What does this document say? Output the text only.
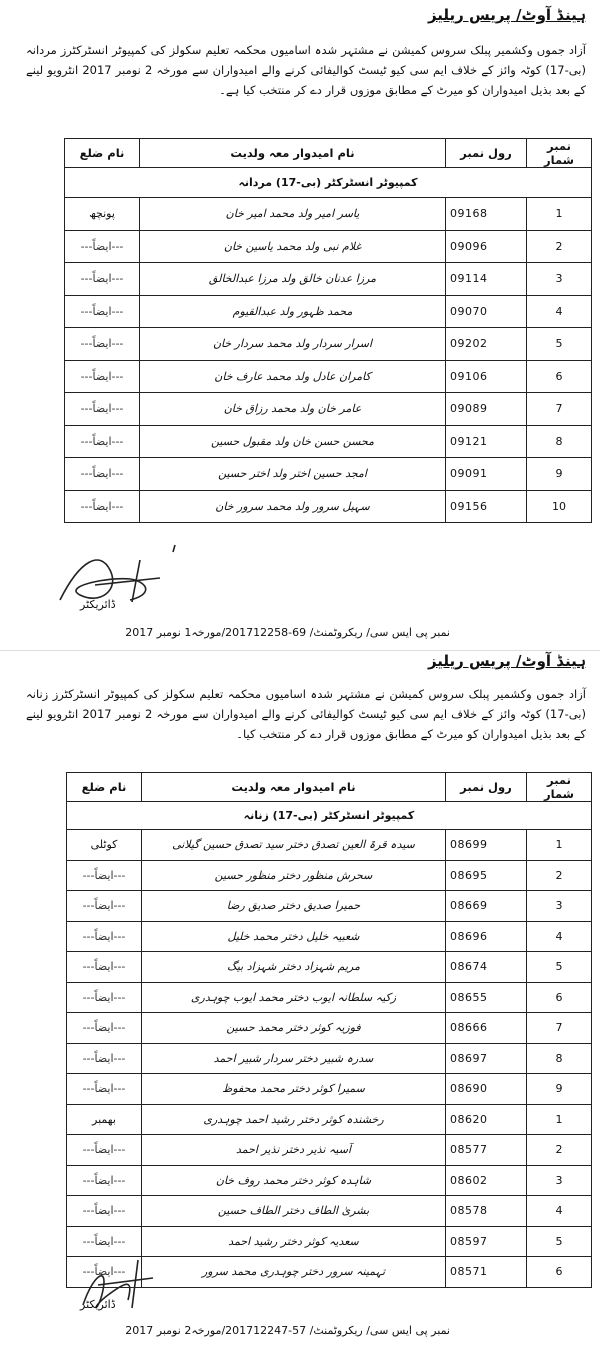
ہینڈ آوٹ/ پریس ریلیز
آزاد جموں وکشمیر پبلک سروس کمیشن نے مشتہر شدہ اسامیوں محکمہ تعلیم سکولز کی کمپیوٹر انسٹرکٹرز مردانہ (بی-17) کوٹہ وائز کے خلاف ایم سی کیو ٹیسٹ کوالیفائی کرنے والے امیدواران سے مورخہ 2 نومبر 2017 انٹرویو لینے کے بعد بذیل امیدواران کو میرٹ کے مطابق موزوں قرار دے کر منتخب کیا ہے۔
نام ضلع	نام امیدوار معہ ولدیت	رول نمبر	نمبر شمار
کمپیوٹر انسٹرکٹر (بی-17) مردانہ			
پونچھ	یاسر امیر ولد محمد امیر خان	09168	1
---ایضاً---	غلام نبی ولد محمد یاسین خان	09096	2
---ایضاً---	مرزا عدنان خالق ولد مرزا عبدالخالق	09114	3
---ایضاً---	محمد ظہور ولد عبدالقیوم	09070	4
---ایضاً---	اسرار سردار ولد محمد سردار خان	09202	5
---ایضاً---	کامران عادل ولد محمد عارف خان	09106	6
---ایضاً---	عامر خان ولد محمد رزاق خان	09089	7
---ایضاً---	محسن حسن خان ولد مقبول حسین	09121	8
---ایضاً---	امجد حسین اختر ولد اختر حسین	09091	9
---ایضاً---	سہیل سرور ولد محمد سرور خان	09156	10
ڈائریکٹر
1 نومبر 2017 مورخہ 2017/ نمبر پی ایس سی/ ریکروٹمنٹ/ 69-12258
ہینڈ آوٹ/ پریس ریلیز
آزاد جموں وکشمیر پبلک سروس کمیشن نے مشتہر شدہ اسامیوں محکمہ تعلیم سکولز کی کمپیوٹر انسٹرکٹرز زنانہ (بی-17) کوٹہ وائز کے خلاف ایم سی کیو ٹیسٹ کوالیفائی کرنے والے امیدواران سے مورخہ 2 نومبر 2017 انٹرویو لینے کے بعد بذیل امیدواران کو میرٹ کے مطابق موزوں قرار دے کر منتخب کیا۔
نام ضلع	نام امیدوار معہ ولدیت	رول نمبر	نمبر شمار
کمپیوٹر انسٹرکٹر (بی-17) زنانہ			
کوٹلی	سیدہ قرۃ العین تصدق دختر سید تصدق حسین گیلانی	08699	1
---ایضاً---	سحرش منظور دختر منظور حسین	08695	2
---ایضاً---	حمیرا صدیق دختر صدیق رضا	08669	3
---ایضاً---	شعبیہ خلیل دختر محمد خلیل	08696	4
---ایضاً---	مریم شہزاد دختر شہزاد بیگ	08674	5
---ایضاً---	زکیہ سلطانہ ایوب دختر محمد ایوب چوہدری	08655	6
---ایضاً---	فوزیہ کوثر دختر محمد حسین	08666	7
---ایضاً---	سدرہ شبیر دختر سردار شبیر احمد	08697	8
---ایضاً---	سمیرا کوثر دختر محمد محفوظ	08690	9
بھمبر	رخشندہ کوثر دختر رشید احمد چوہدری	08620	1
---ایضاً---	آسیہ نذیر دختر نذیر احمد	08577	2
---ایضاً---	شاہدہ کوثر دختر محمد روف خان	08602	3
---ایضاً---	بشریٰ الطاف دختر الطاف حسین	08578	4
---ایضاً---	سعدیہ کوثر دختر رشید احمد	08597	5
---ایضاً---	تہمینہ سرور دختر چوہدری محمد سرور	08571	6
ڈائریکٹر
2 نومبر 2017 مورخہ 2017/ نمبر پی ایس سی/ ریکروٹمنٹ/ 57-12247
